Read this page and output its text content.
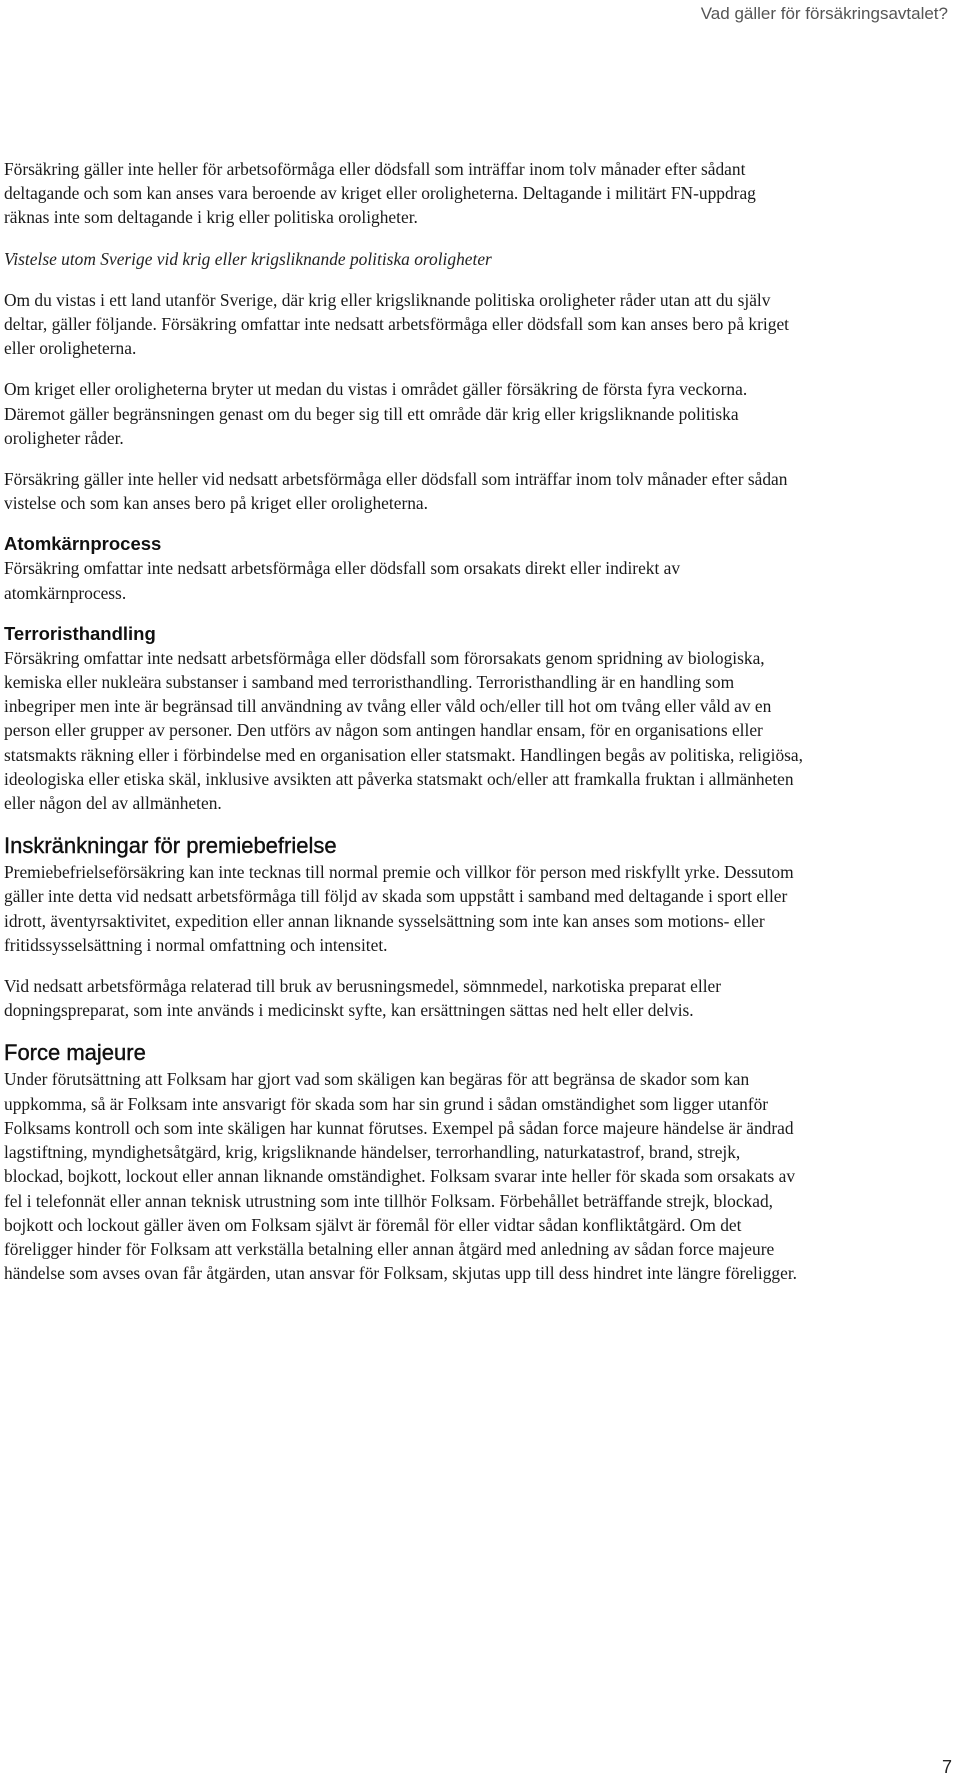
Vad gäller för försäkringsavtalet?

Försäkring gäller inte heller för arbetsoförmåga eller dödsfall som inträffar inom tolv månader efter sådant deltagande och som kan anses vara beroende av kriget eller oroligheterna. Deltagande i militärt FN-uppdrag räknas inte som deltagande i krig eller politiska oroligheter.

Vistelse utom Sverige vid krig eller krigsliknande politiska oroligheter

Om du vistas i ett land utanför Sverige, där krig eller krigsliknande politiska oroligheter råder utan att du själv deltar, gäller följande. Försäkring omfattar inte nedsatt arbetsförmåga eller dödsfall som kan anses bero på kriget eller oroligheterna.

Om kriget eller oroligheterna bryter ut medan du vistas i området gäller försäkring de första fyra veckorna. Däremot gäller begränsningen genast om du beger sig till ett område där krig eller krigsliknande politiska oroligheter råder.

Försäkring gäller inte heller vid nedsatt arbetsförmåga eller dödsfall som inträffar inom tolv månader efter sådan vistelse och som kan anses bero på kriget eller oroligheterna.

Atomkärnprocess

Försäkring omfattar inte nedsatt arbetsförmåga eller dödsfall som orsakats direkt eller indirekt av atomkärnprocess.

Terroristhandling

Försäkring omfattar inte nedsatt arbetsförmåga eller dödsfall som förorsakats genom spridning av biologiska, kemiska eller nukleära substanser i samband med terroristhandling. Terroristhandling är en handling som inbegriper men inte är begränsad till användning av tvång eller våld och/eller till hot om tvång eller våld av en person eller grupper av personer. Den utförs av någon som antingen handlar ensam, för en organisations eller statsmakts räkning eller i förbindelse med en organisation eller statsmakt. Handlingen begås av politiska, religiösa, ideologiska eller etiska skäl, inklusive avsikten att påverka statsmakt och/eller att framkalla fruktan i allmänheten eller någon del av allmänheten.

Inskränkningar för premiebefrielse

Premiebefrielseförsäkring kan inte tecknas till normal premie och villkor för person med riskfyllt yrke. Dessutom gäller inte detta vid nedsatt arbetsförmåga till följd av skada som uppstått i samband med deltagande i sport eller idrott, äventyrsaktivitet, expedition eller annan liknande sysselsättning som inte kan anses som motions- eller fritidssysselsättning i normal omfattning och intensitet.

Vid nedsatt arbetsförmåga relaterad till bruk av berusningsmedel, sömnmedel, narkotiska preparat eller dopningspreparat, som inte används i medicinskt syfte, kan ersättningen sättas ned helt eller delvis.

Force majeure

Under förutsättning att Folksam har gjort vad som skäligen kan begäras för att begränsa de skador som kan uppkomma, så är Folksam inte ansvarigt för skada som har sin grund i sådan omständighet som ligger utanför Folksams kontroll och som inte skäligen har kunnat förutses. Exempel på sådan force majeure händelse är ändrad lagstiftning, myndighetsåtgärd, krig, krigsliknande händelser, terrorhandling, naturkatastrof, brand, strejk, blockad, bojkott, lockout eller annan liknande omständighet. Folksam svarar inte heller för skada som orsakats av fel i telefonnät eller annan teknisk utrustning som inte tillhör Folksam. Förbehållet beträffande strejk, blockad, bojkott och lockout gäller även om Folksam självt är föremål för eller vidtar sådan konfliktåtgärd. Om det föreligger hinder för Folksam att verkställa betalning eller annan åtgärd med anledning av sådan force majeure händelse som avses ovan får åtgärden, utan ansvar för Folksam, skjutas upp till dess hindret inte längre föreligger.

7
